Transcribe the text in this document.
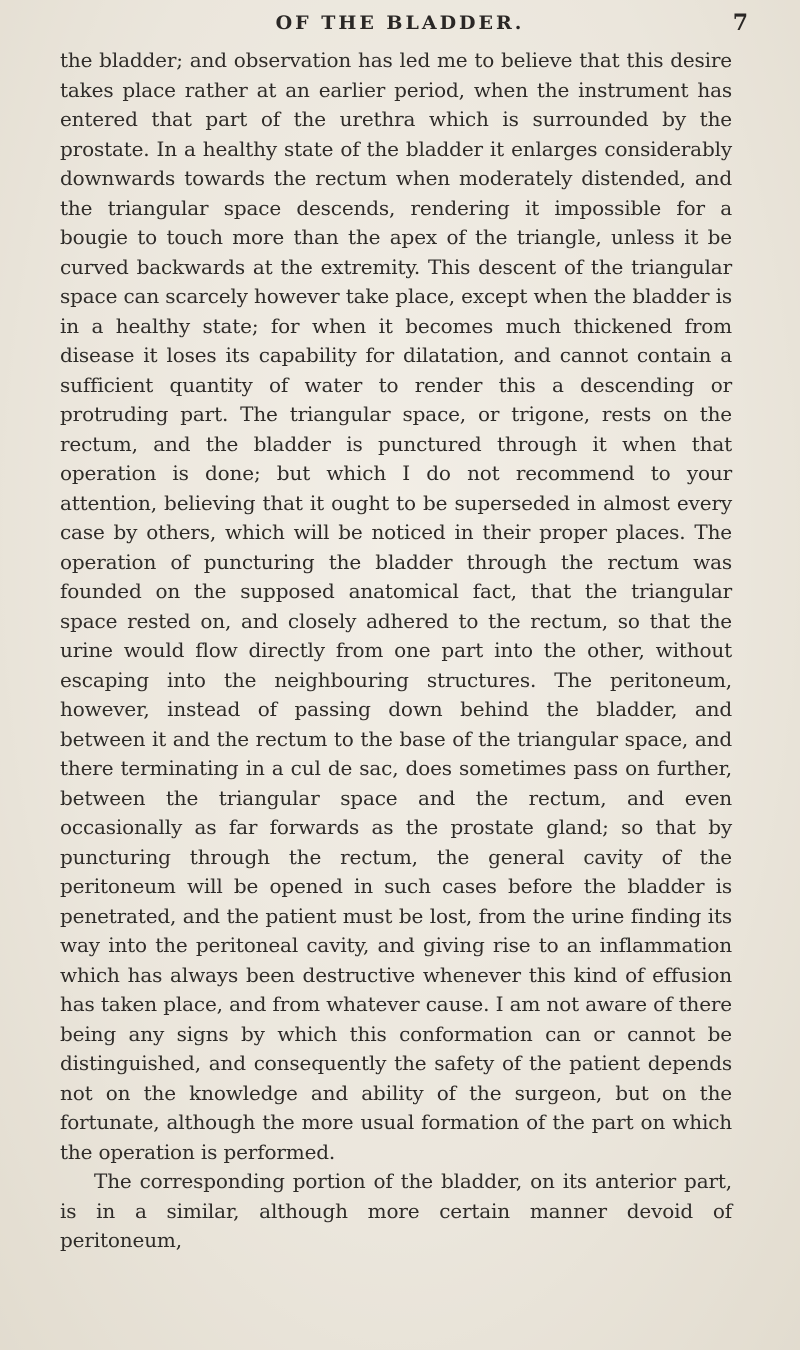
OF THE BLADDER.	7

the bladder; and observation has led me to believe that this desire takes place rather at an earlier period, when the instrument has entered that part of the urethra which is surrounded by the prostate. In a healthy state of the bladder it enlarges considerably downwards towards the rectum when moderately distended, and the triangular space descends, rendering it impossible for a bougie to touch more than the apex of the triangle, unless it be curved backwards at the extremity. This descent of the triangular space can scarcely however take place, except when the bladder is in a healthy state; for when it becomes much thickened from disease it loses its capability for dilatation, and cannot contain a sufficient quantity of water to render this a descending or protruding part. The triangular space, or trigone, rests on the rectum, and the bladder is punctured through it when that operation is done; but which I do not recommend to your attention, believing that it ought to be superseded in almost every case by others, which will be noticed in their proper places. The operation of puncturing the bladder through the rectum was founded on the supposed anatomical fact, that the triangular space rested on, and closely adhered to the rectum, so that the urine would flow directly from one part into the other, without escaping into the neighbouring structures. The peritoneum, however, instead of passing down behind the bladder, and between it and the rectum to the base of the triangular space, and there terminating in a cul de sac, does sometimes pass on further, between the triangular space and the rectum, and even occasionally as far forwards as the prostate gland; so that by puncturing through the rectum, the general cavity of the peritoneum will be opened in such cases before the bladder is penetrated, and the patient must be lost, from the urine finding its way into the peritoneal cavity, and giving rise to an inflammation which has always been destructive whenever this kind of effusion has taken place, and from whatever cause. I am not aware of there being any signs by which this conformation can or cannot be distinguished, and consequently the safety of the patient depends not on the knowledge and ability of the surgeon, but on the fortunate, although the more usual formation of the part on which the operation is performed.

The corresponding portion of the bladder, on its anterior part, is in a similar, although more certain manner devoid of peritoneum,
